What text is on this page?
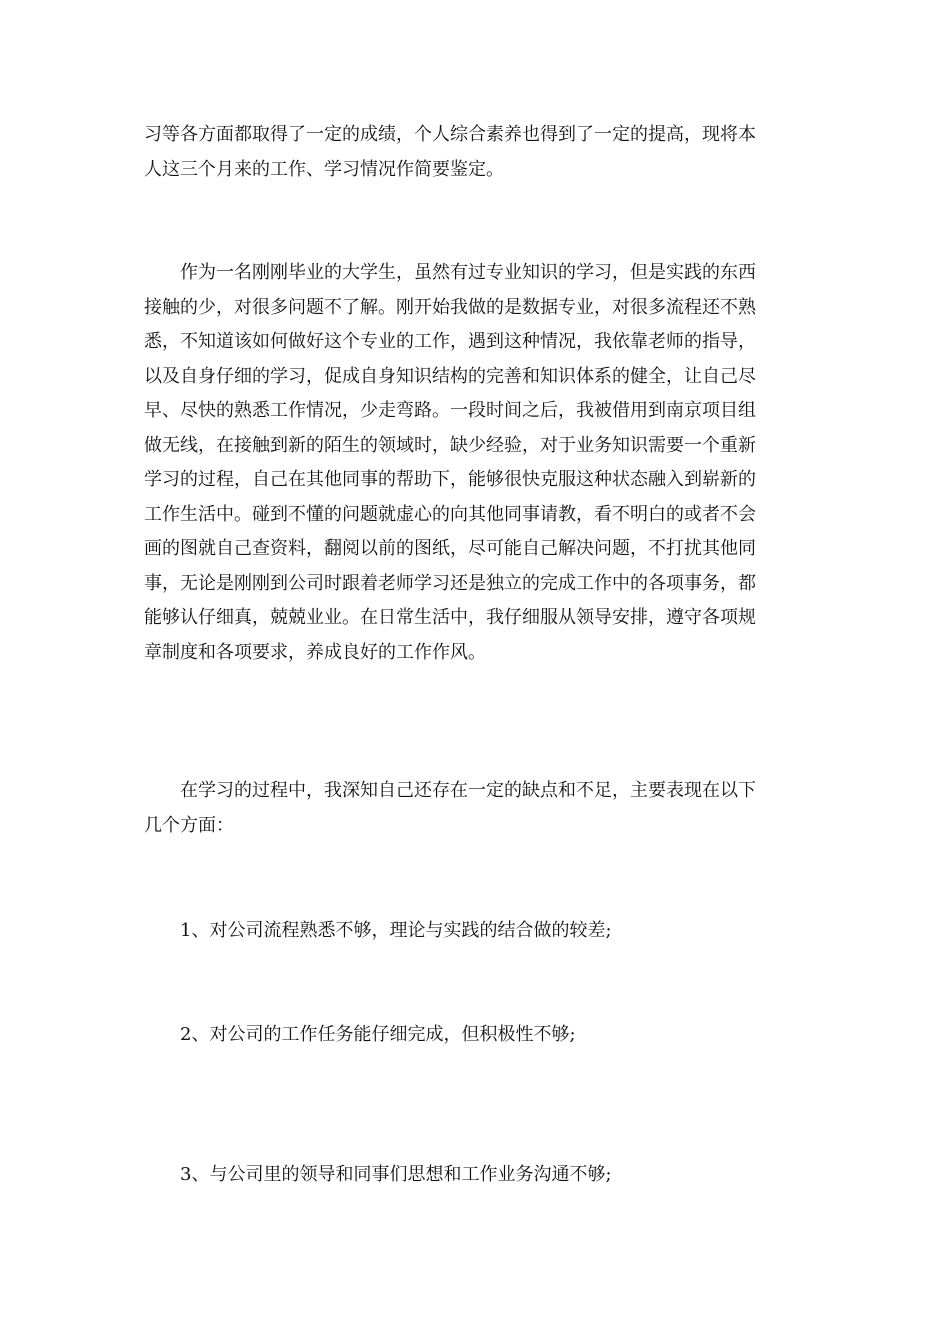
习等各方面都取得了一定的成绩，个人综合素养也得到了一定的提高，现将本
人这三个月来的工作、学习情况作简要鉴定。

作为一名刚刚毕业的大学生，虽然有过专业知识的学习，但是实践的东西
接触的少，对很多问题不了解。刚开始我做的是数据专业，对很多流程还不熟
悉，不知道该如何做好这个专业的工作，遇到这种情况，我依靠老师的指导，
以及自身仔细的学习，促成自身知识结构的完善和知识体系的健全，让自己尽
早、尽快的熟悉工作情况，少走弯路。一段时间之后，我被借用到南京项目组
做无线，在接触到新的陌生的领域时，缺少经验，对于业务知识需要一个重新
学习的过程，自己在其他同事的帮助下，能够很快克服这种状态融入到崭新的
工作生活中。碰到不懂的问题就虚心的向其他同事请教，看不明白的或者不会
画的图就自己查资料，翻阅以前的图纸，尽可能自己解决问题，不打扰其他同
事，无论是刚刚到公司时跟着老师学习还是独立的完成工作中的各项事务，都
能够认仔细真，兢兢业业。在日常生活中，我仔细服从领导安排，遵守各项规
章制度和各项要求，养成良好的工作作风。

在学习的过程中，我深知自己还存在一定的缺点和不足，主要表现在以下
几个方面：

1、对公司流程熟悉不够，理论与实践的结合做的较差;

2、对公司的工作任务能仔细完成，但积极性不够;

3、与公司里的领导和同事们思想和工作业务沟通不够;
